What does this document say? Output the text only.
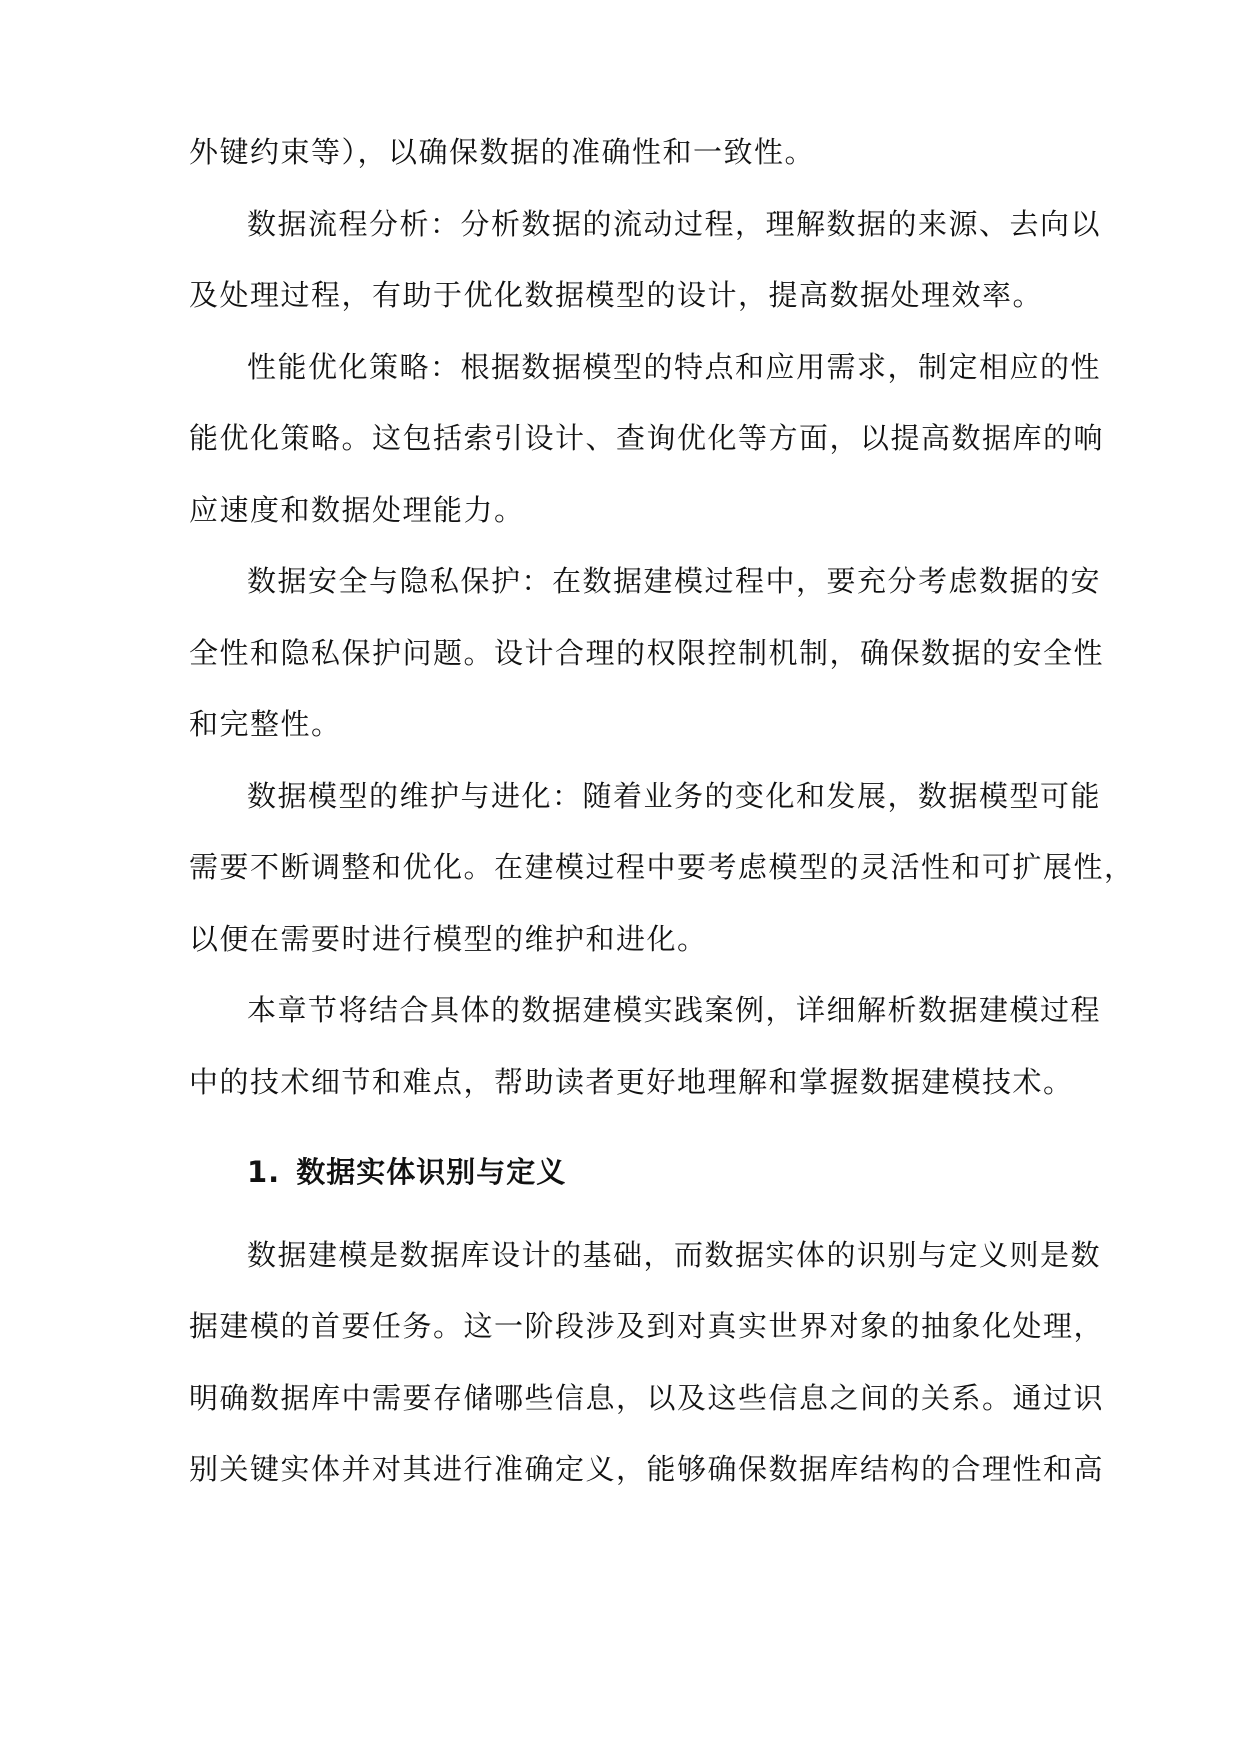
外键约束等），以确保数据的准确性和一致性。
数据流程分析：分析数据的流动过程，理解数据的来源、去向以
及处理过程，有助于优化数据模型的设计，提高数据处理效率。
性能优化策略：根据数据模型的特点和应用需求，制定相应的性
能优化策略。这包括索引设计、查询优化等方面，以提高数据库的响
应速度和数据处理能力。
数据安全与隐私保护：在数据建模过程中，要充分考虑数据的安
全性和隐私保护问题。设计合理的权限控制机制，确保数据的安全性
和完整性。
数据模型的维护与进化：随着业务的变化和发展，数据模型可能
需要不断调整和优化。在建模过程中要考虑模型的灵活性和可扩展性，
以便在需要时进行模型的维护和进化。
本章节将结合具体的数据建模实践案例，详细解析数据建模过程
中的技术细节和难点，帮助读者更好地理解和掌握数据建模技术。
1. 数据实体识别与定义
数据建模是数据库设计的基础，而数据实体的识别与定义则是数
据建模的首要任务。这一阶段涉及到对真实世界对象的抽象化处理，
明确数据库中需要存储哪些信息，以及这些信息之间的关系。通过识
别关键实体并对其进行准确定义，能够确保数据库结构的合理性和高
